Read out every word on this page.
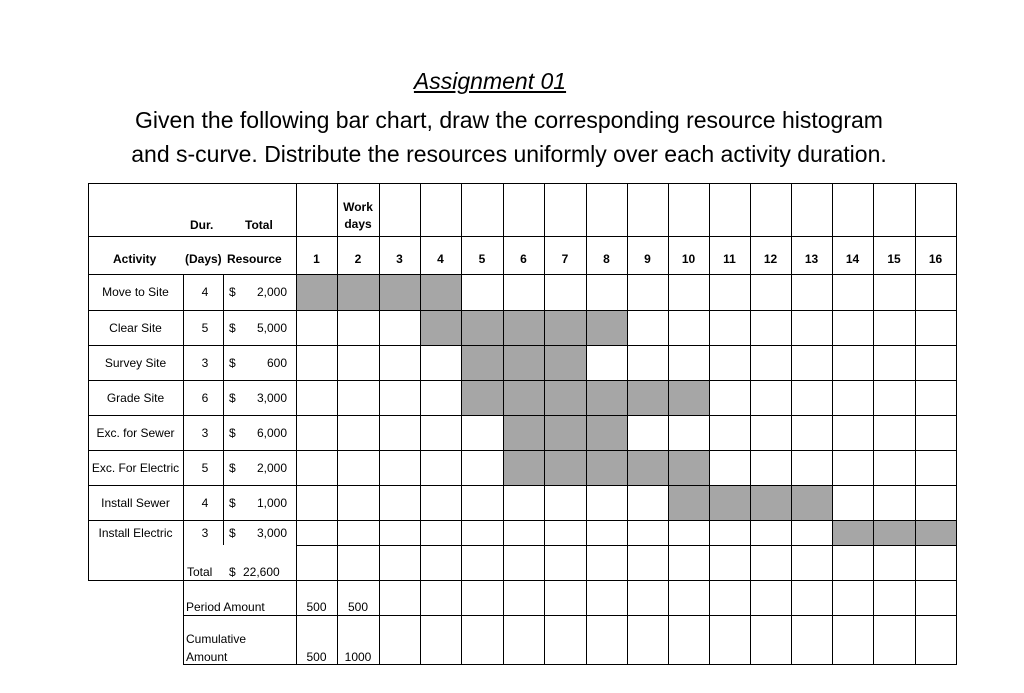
Assignment 01
Given the following bar chart, draw the corresponding resource histogram
and s-curve. Distribute the resources uniformly over each activity duration.
Dur.	Total
Work
days
Activity (Days) Resource	1	2	3	4	5	6	7	8	9	10	11	12	13	14	15	16
Move to Site	4	$	2,000
Clear Site	5	$	5,000
Survey Site	3	$	600
Grade Site	6	$	3,000
Exc. for Sewer	3	$	6,000
Exc. For Electric	5	$	2,000
Install Sewer	4	$	1,000
Install Electric	3	$	3,000
Total $ 22,600
Period Amount	500	500
Cumulative
Amount	500	1000
